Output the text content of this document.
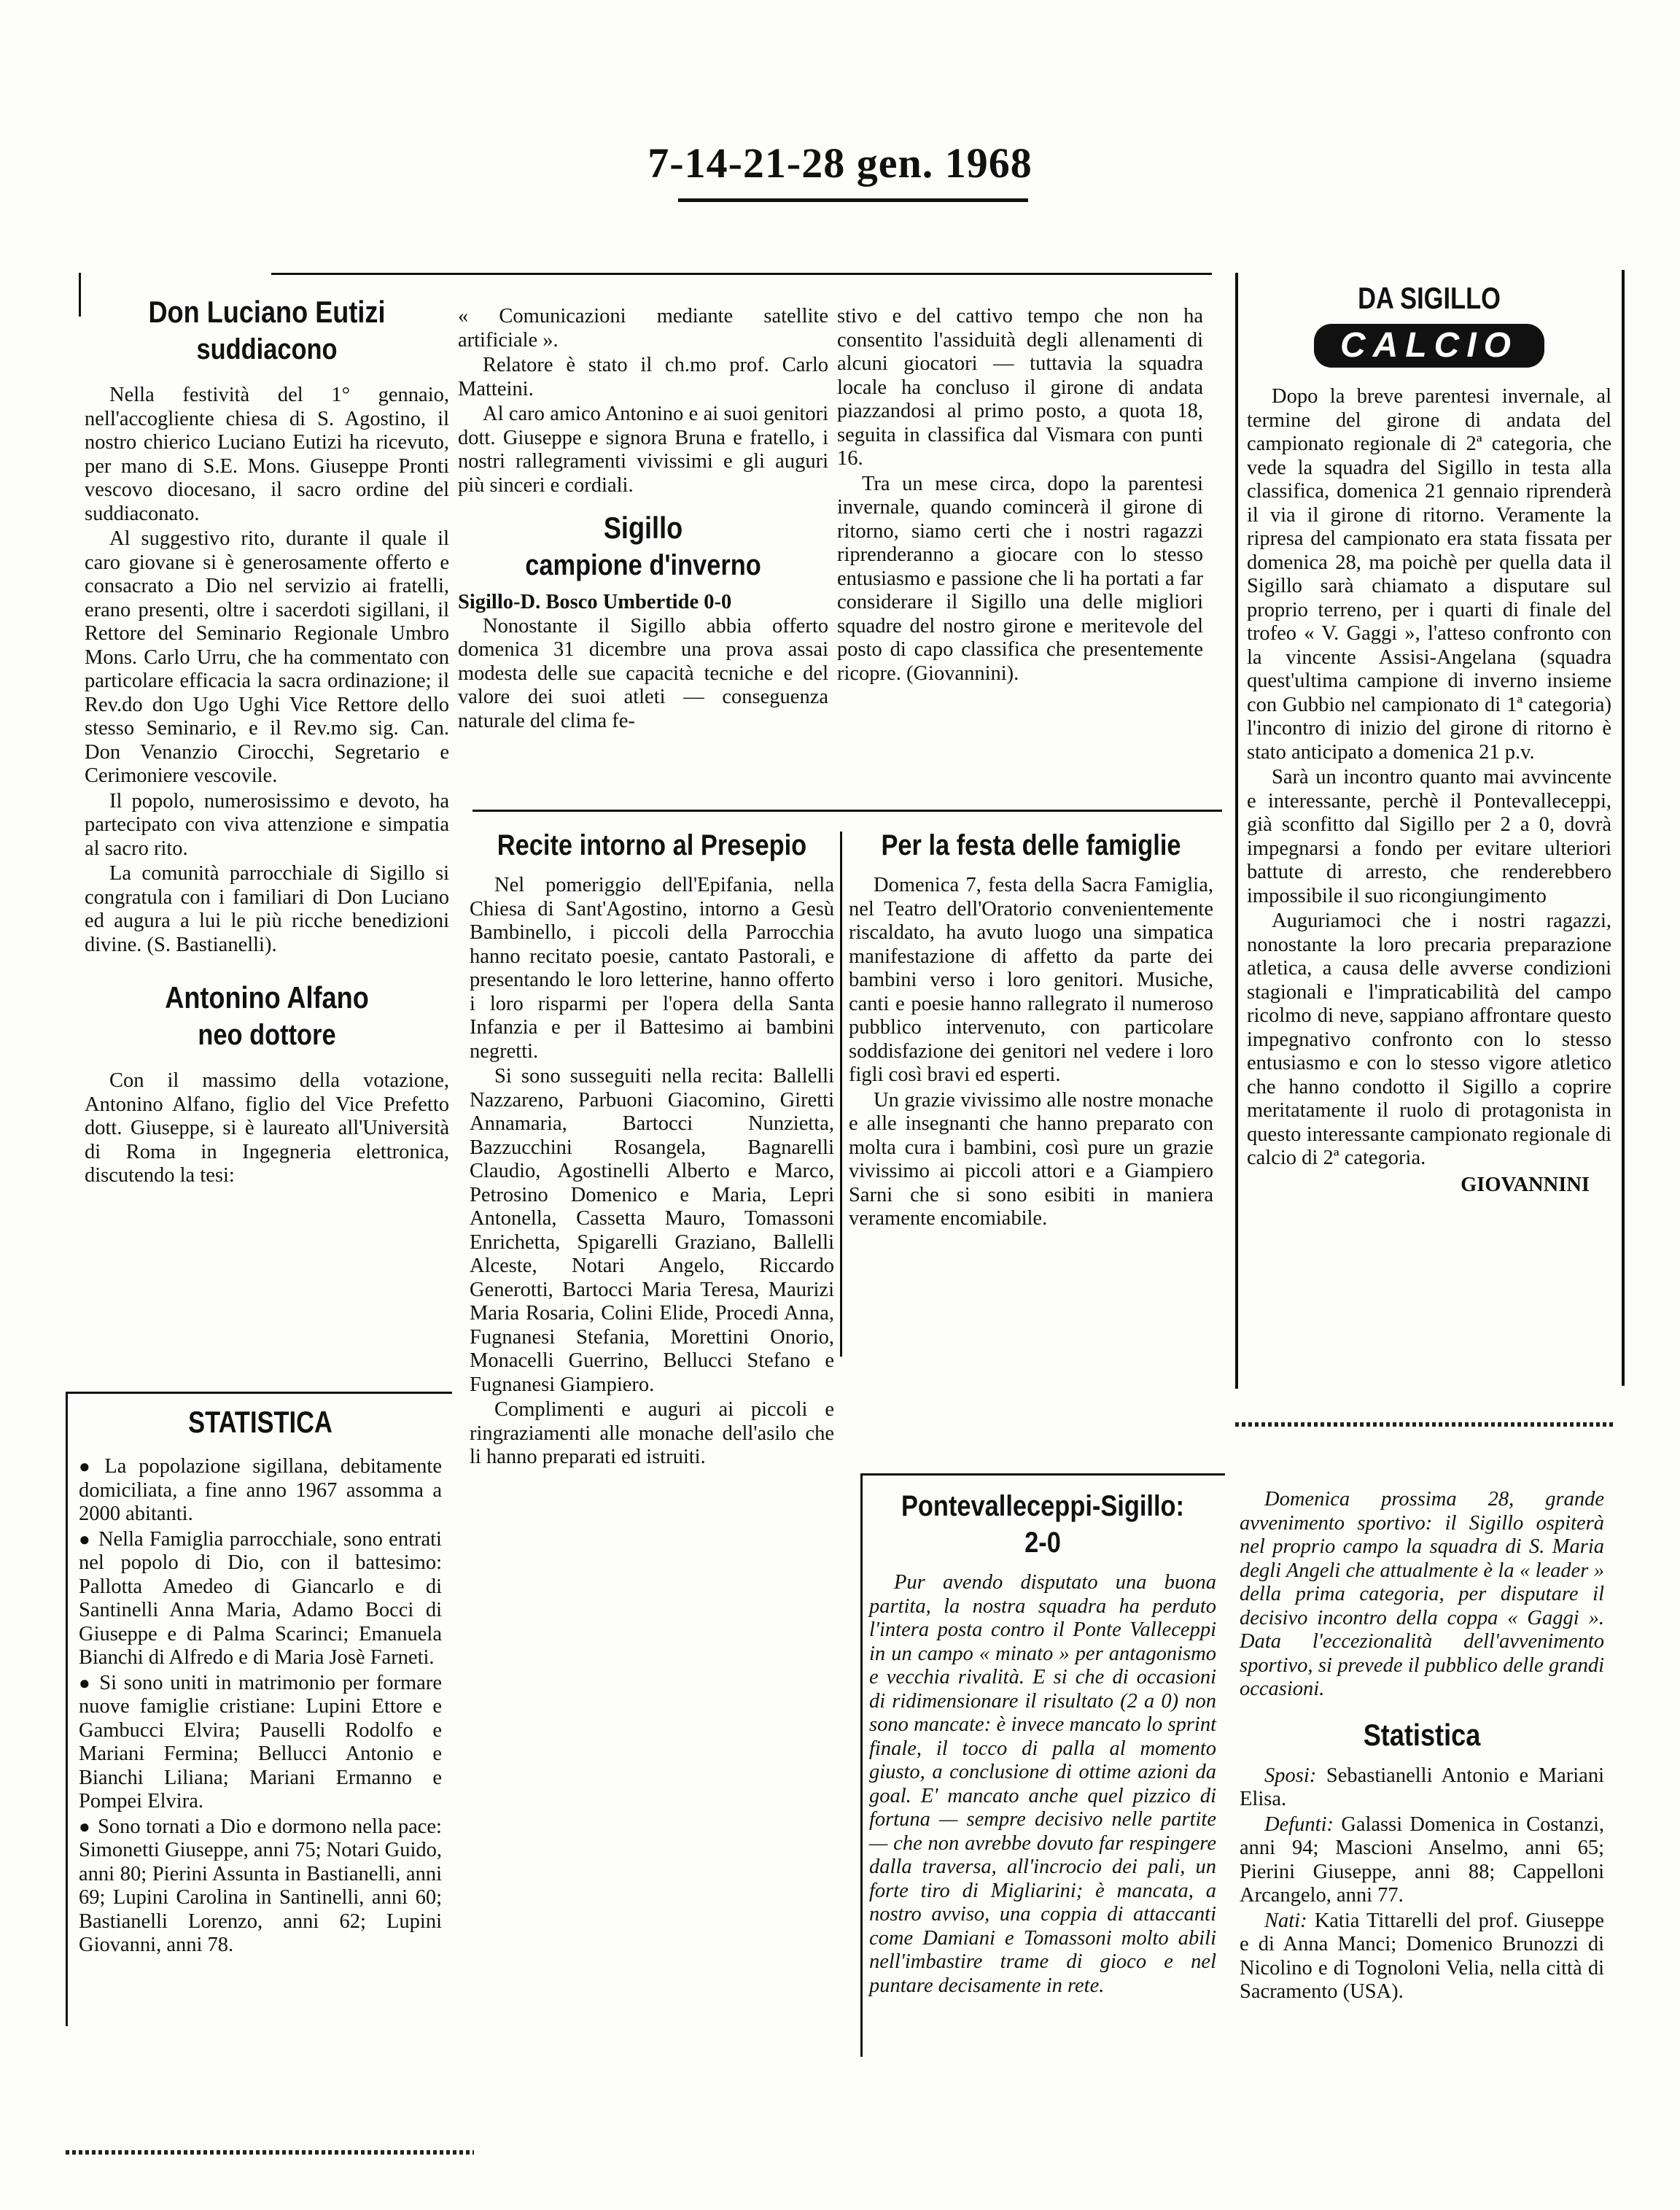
7-14-21-28 gen. 1968
Don Luciano Eutizi
suddiacono

Nella festività del 1° gennaio, nell'accogliente chiesa di S. Agostino, il nostro chierico Luciano Eutizi ha ricevuto, per mano di S.E. Mons. Giuseppe Pronti vescovo diocesano, il sacro ordine del suddiaconato.

Al suggestivo rito, durante il quale il caro giovane si è generosamente offerto e consacrato a Dio nel servizio ai fratelli, erano presenti, oltre i sacerdoti sigillani, il Rettore del Seminario Regionale Umbro Mons. Carlo Urru, che ha commentato con particolare efficacia la sacra ordinazione; il Rev.do don Ugo Ughi Vice Rettore dello stesso Seminario, e il Rev.mo sig. Can. Don Venanzio Cirocchi, Segretario e Cerimoniere vescovile.

Il popolo, numerosissimo e devoto, ha partecipato con viva attenzione e simpatia al sacro rito.

La comunità parrocchiale di Sigillo si congratula con i familiari di Don Luciano ed augura a lui le più ricche benedizioni divine. (S. Bastianelli).

Antonino Alfano
neo dottore

Con il massimo della votazione, Antonino Alfano, figlio del Vice Prefetto dott. Giuseppe, si è laureato all'Università di Roma in Ingegneria elettronica, discutendo la tesi:

STATISTICA

● La popolazione sigillana, debitamente domiciliata, a fine anno 1967 assomma a 2000 abitanti.

● Nella Famiglia parrocchiale, sono entrati nel popolo di Dio, con il battesimo: Pallotta Amedeo di Giancarlo e di Santinelli Anna Maria, Adamo Bocci di Giuseppe e di Palma Scarinci; Emanuela Bianchi di Alfredo e di Maria Josè Farneti.

● Si sono uniti in matrimonio per formare nuove famiglie cristiane: Lupini Ettore e Gambucci Elvira; Pauselli Rodolfo e Mariani Fermina; Bellucci Antonio e Bianchi Liliana; Mariani Ermanno e Pompei Elvira.

● Sono tornati a Dio e dormono nella pace: Simonetti Giuseppe, anni 75; Notari Guido, anni 80; Pierini Assunta in Bastianelli, anni 69; Lupini Carolina in Santinelli, anni 60; Bastianelli Lorenzo, anni 62; Lupini Giovanni, anni 78.

« Comunicazioni mediante satellite artificiale ».

Relatore è stato il ch.mo prof. Carlo Matteini.

Al caro amico Antonino e ai suoi genitori dott. Giuseppe e signora Bruna e fratello, i nostri rallegramenti vivissimi e gli auguri più sinceri e cordiali.

Sigillo
campione d'inverno
Sigillo-D. Bosco Umbertide 0-0

Nonostante il Sigillo abbia offerto domenica 31 dicembre una prova assai modesta delle sue capacità tecniche e del valore dei suoi atleti — conseguenza naturale del clima fe-

stivo e del cattivo tempo che non ha consentito l'assiduità degli allenamenti di alcuni giocatori — tuttavia la squadra locale ha concluso il girone di andata piazzandosi al primo posto, a quota 18, seguita in classifica dal Vismara con punti 16.

Tra un mese circa, dopo la parentesi invernale, quando comincerà il girone di ritorno, siamo certi che i nostri ragazzi riprenderanno a giocare con lo stesso entusiasmo e passione che li ha portati a far considerare il Sigillo una delle migliori squadre del nostro girone e meritevole del posto di capo classifica che presentemente ricopre. (Giovannini).

Recite intorno al Presepio

Nel pomeriggio dell'Epifania, nella Chiesa di Sant'Agostino, intorno a Gesù Bambinello, i piccoli della Parrocchia hanno recitato poesie, cantato Pastorali, e presentando le loro letterine, hanno offerto i loro risparmi per l'opera della Santa Infanzia e per il Battesimo ai bambini negretti.

Si sono susseguiti nella recita: Ballelli Nazzareno, Parbuoni Giacomino, Giretti Annamaria, Bartocci Nunzietta, Bazzucchini Rosangela, Bagnarelli Claudio, Agostinelli Alberto e Marco, Petrosino Domenico e Maria, Lepri Antonella, Cassetta Mauro, Tomassoni Enrichetta, Spigarelli Graziano, Ballelli Alceste, Notari Angelo, Riccardo Generotti, Bartocci Maria Teresa, Maurizi Maria Rosaria, Colini Elide, Procedi Anna, Fugnanesi Stefania, Morettini Onorio, Monacelli Guerrino, Bellucci Stefano e Fugnanesi Giampiero.

Complimenti e auguri ai piccoli e ringraziamenti alle monache dell'asilo che li hanno preparati ed istruiti.

Per la festa delle famiglie

Domenica 7, festa della Sacra Famiglia, nel Teatro dell'Oratorio convenientemente riscaldato, ha avuto luogo una simpatica manifestazione di affetto da parte dei bambini verso i loro genitori. Musiche, canti e poesie hanno rallegrato il numeroso pubblico intervenuto, con particolare soddisfazione dei genitori nel vedere i loro figli così bravi ed esperti.

Un grazie vivissimo alle nostre monache e alle insegnanti che hanno preparato con molta cura i bambini, così pure un grazie vivissimo ai piccoli attori e a Giampiero Sarni che si sono esibiti in maniera veramente encomiabile.

Pontevalleceppi-Sigillo: 2-0

Pur avendo disputato una buona partita, la nostra squadra ha perduto l'intera posta contro il Ponte Valleceppi in un campo « minato » per antagonismo e vecchia rivalità. E si che di occasioni di ridimensionare il risultato (2 a 0) non sono mancate: è invece mancato lo sprint finale, il tocco di palla al momento giusto, a conclusione di ottime azioni da goal. E' mancato anche quel pizzico di fortuna — sempre decisivo nelle partite — che non avrebbe dovuto far respingere dalla traversa, all'incrocio dei pali, un forte tiro di Migliarini; è mancata, a nostro avviso, una coppia di attaccanti come Damiani e Tomassoni molto abili nell'imbastire trame di gioco e nel puntare decisamente in rete.

DA SIGILLO
CALCIO

Dopo la breve parentesi invernale, al termine del girone di andata del campionato regionale di 2ª categoria, che vede la squadra del Sigillo in testa alla classifica, domenica 21 gennaio riprenderà il via il girone di ritorno. Veramente la ripresa del campionato era stata fissata per domenica 28, ma poichè per quella data il Sigillo sarà chiamato a disputare sul proprio terreno, per i quarti di finale del trofeo « V. Gaggi », l'atteso confronto con la vincente Assisi-Angelana (squadra quest'ultima campione di inverno insieme con Gubbio nel campionato di 1ª categoria) l'incontro di inizio del girone di ritorno è stato anticipato a domenica 21 p.v.

Sarà un incontro quanto mai avvincente e interessante, perchè il Pontevalleceppi, già sconfitto dal Sigillo per 2 a 0, dovrà impegnarsi a fondo per evitare ulteriori battute di arresto, che renderebbero impossibile il suo ricongiungimento

Auguriamoci che i nostri ragazzi, nonostante la loro precaria preparazione atletica, a causa delle avverse condizioni stagionali e l'impraticabilità del campo ricolmo di neve, sappiano affrontare questo impegnativo confronto con lo stesso entusiasmo e con lo stesso vigore atletico che hanno condotto il Sigillo a coprire meritatamente il ruolo di protagonista in questo interessante campionato regionale di calcio di 2ª categoria.

GIOVANNINI

Domenica prossima 28, grande avvenimento sportivo: il Sigillo ospiterà nel proprio campo la squadra di S. Maria degli Angeli che attualmente è la « leader » della prima categoria, per disputare il decisivo incontro della coppa « Gaggi ». Data l'eccezionalità dell'avvenimento sportivo, si prevede il pubblico delle grandi occasioni.

Statistica

Sposi: Sebastianelli Antonio e Mariani Elisa.

Defunti: Galassi Domenica in Costanzi, anni 94; Mascioni Anselmo, anni 65; Pierini Giuseppe, anni 88; Cappelloni Arcangelo, anni 77.

Nati: Katia Tittarelli del prof. Giuseppe e di Anna Manci; Domenico Brunozzi di Nicolino e di Tognoloni Velia, nella città di Sacramento (USA).
